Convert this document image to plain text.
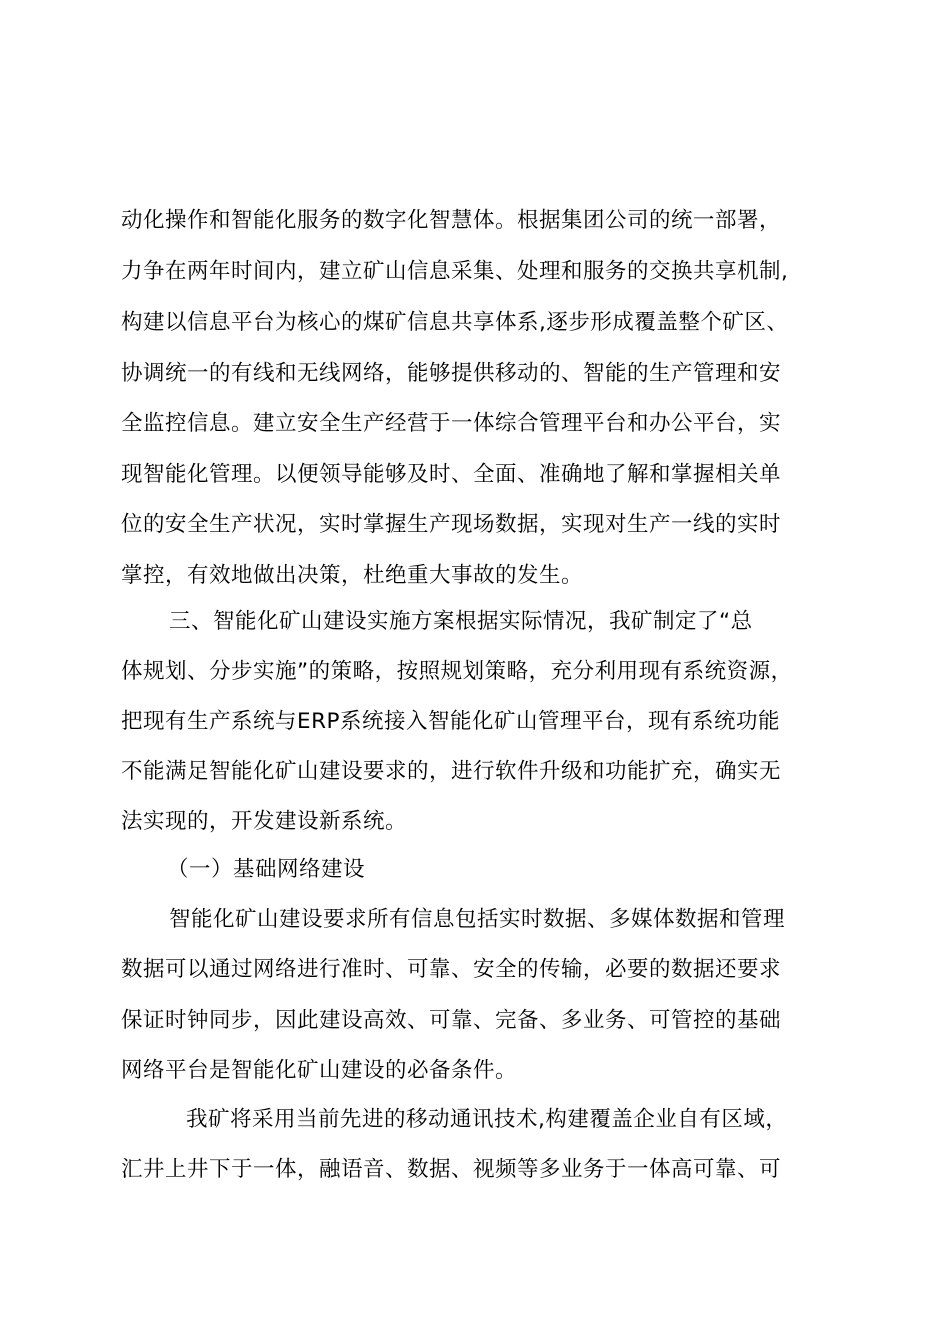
动化操作和智能化服务的数字化智慧体。根据集团公司的统一部署，
力争在两年时间内，建立矿山信息采集、处理和服务的交换共享机制,
构建以信息平台为核心的煤矿信息共享体系,逐步形成覆盖整个矿区、
协调统一的有线和无线网络，能够提供移动的、智能的生产管理和安
全监控信息。建立安全生产经营于一体综合管理平台和办公平台，实
现智能化管理。以便领导能够及时、全面、准确地了解和掌握相关单
位的安全生产状况，实时掌握生产现场数据，实现对生产一线的实时
掌控，有效地做出决策，杜绝重大事故的发生。
三、智能化矿山建设实施方案根据实际情况，我矿制定了“总
体规划、分步实施”的策略，按照规划策略，充分利用现有系统资源，
把现有生产系统与ERP系统接入智能化矿山管理平台，现有系统功能
不能满足智能化矿山建设要求的，进行软件升级和功能扩充，确实无
法实现的，开发建设新系统。
（一）基础网络建设
智能化矿山建设要求所有信息包括实时数据、多媒体数据和管理
数据可以通过网络进行准时、可靠、安全的传输，必要的数据还要求
保证时钟同步，因此建设高效、可靠、完备、多业务、可管控的基础
网络平台是智能化矿山建设的必备条件。
我矿将采用当前先进的移动通讯技术,构建覆盖企业自有区域，
汇井上井下于一体，融语音、数据、视频等多业务于一体高可靠、可
